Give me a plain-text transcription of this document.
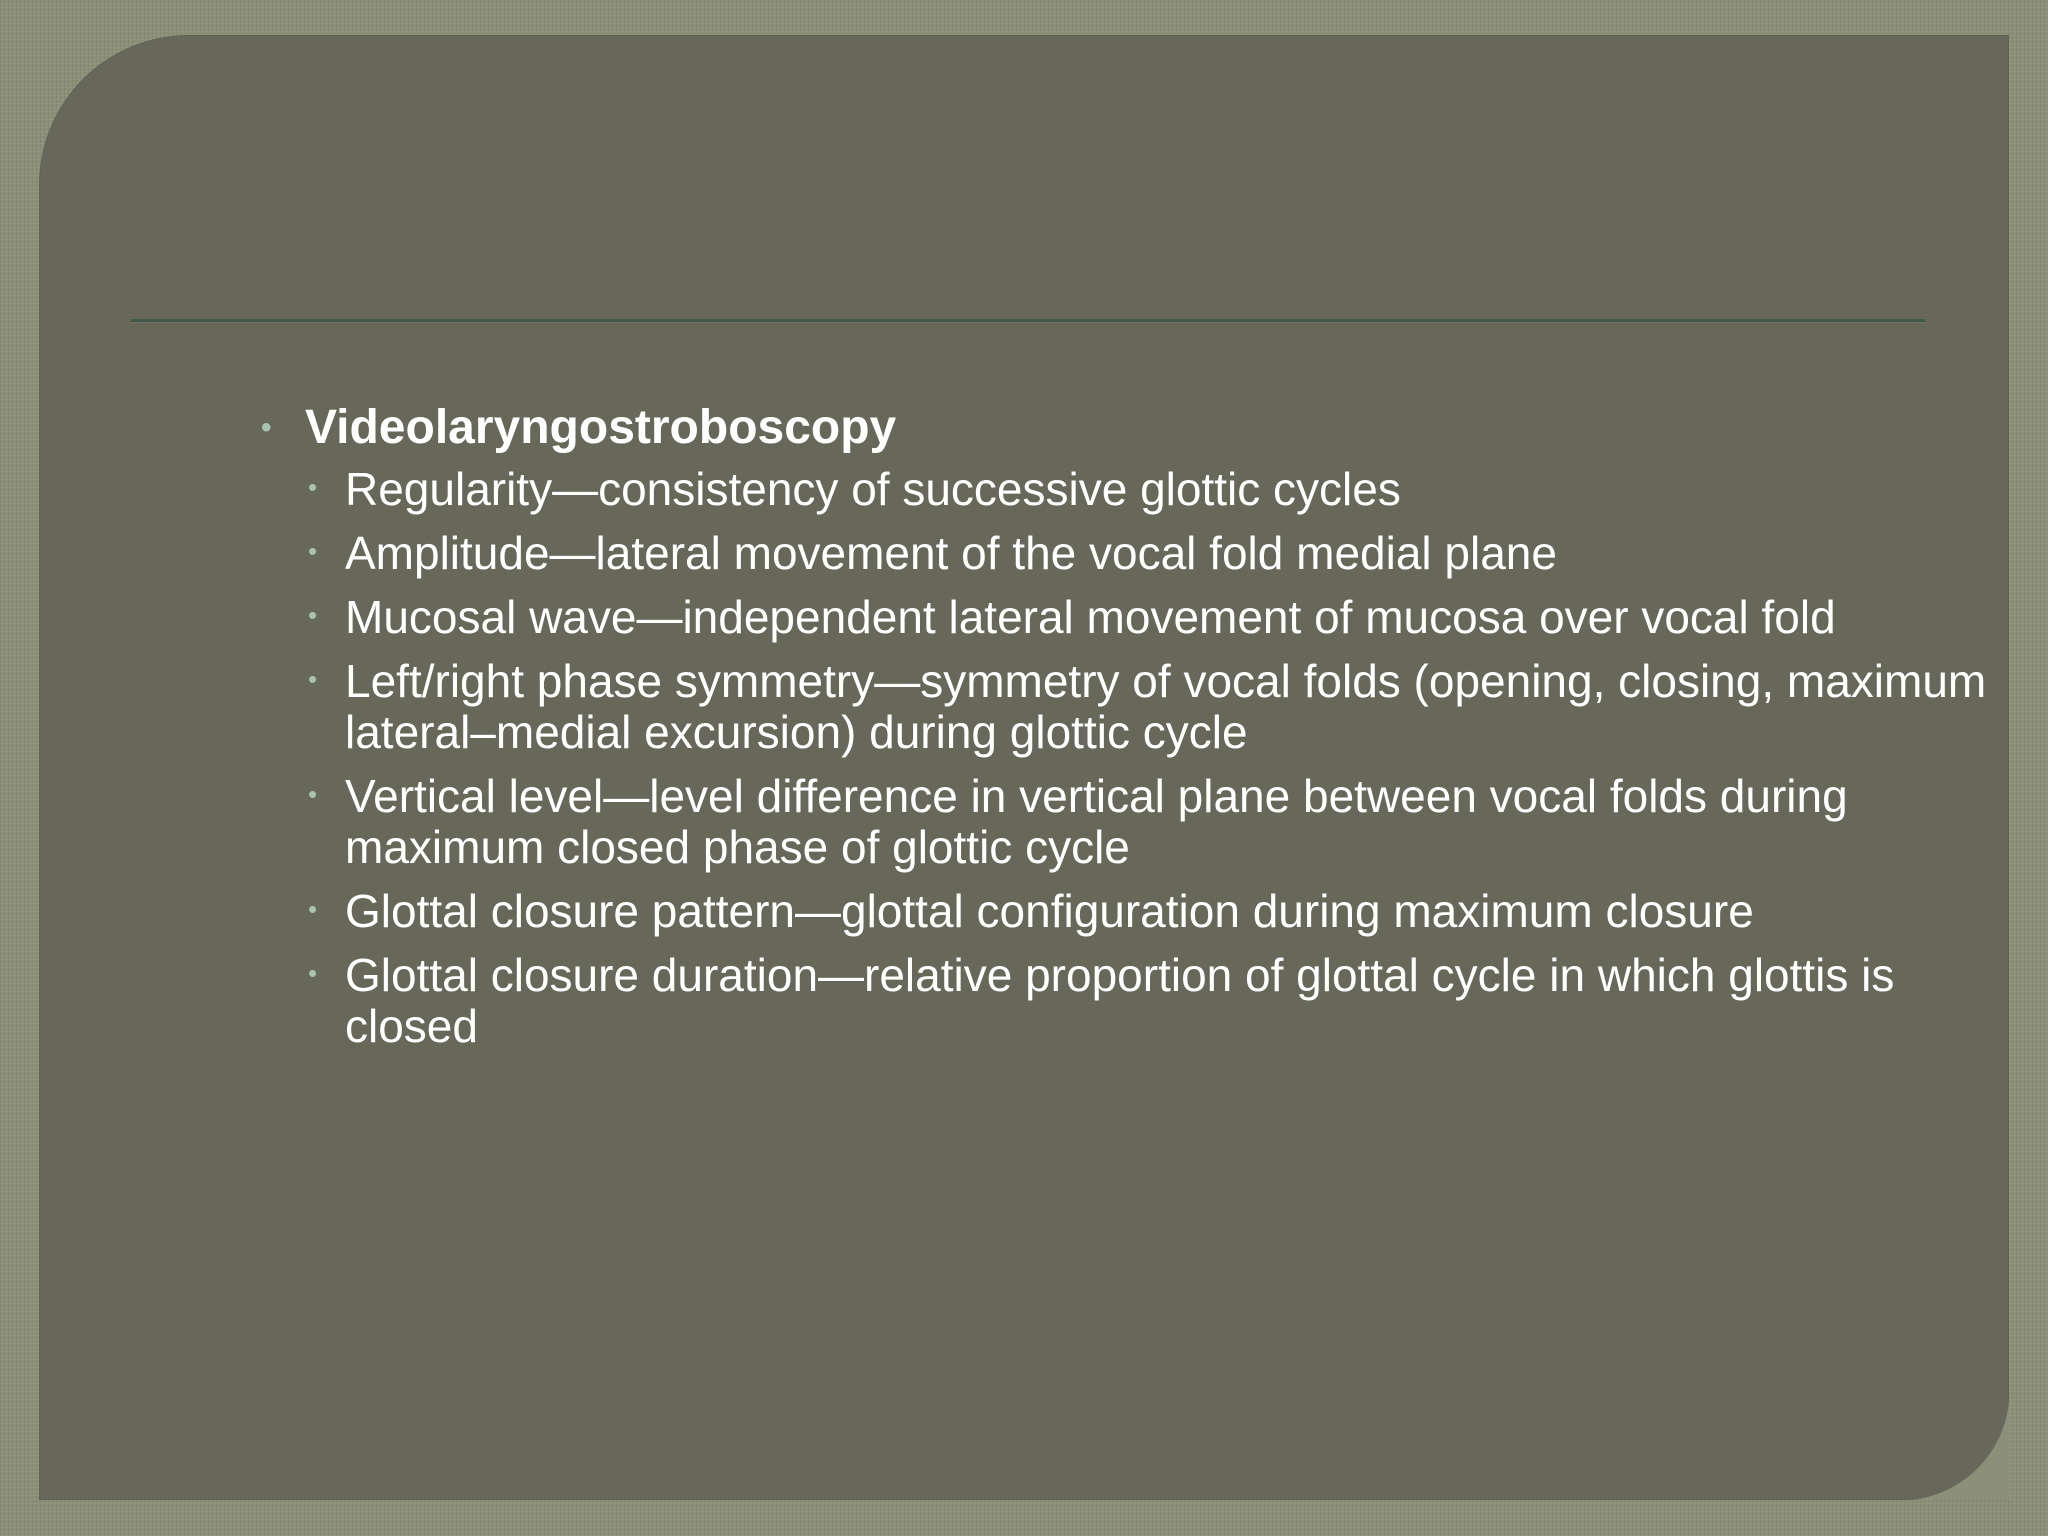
• Videolaryngostroboscopy
• Regularity—consistency of successive glottic cycles
• Amplitude—lateral movement of the vocal fold medial plane
• Mucosal wave—independent lateral movement of mucosa over vocal fold
• Left/right phase symmetry—symmetry of vocal folds (opening, closing, maximum lateral–medial excursion) during glottic cycle
• Vertical level—level difference in vertical plane between vocal folds during maximum closed phase of glottic cycle
• Glottal closure pattern—glottal configuration during maximum closure
• Glottal closure duration—relative proportion of glottal cycle in which glottis is closed
